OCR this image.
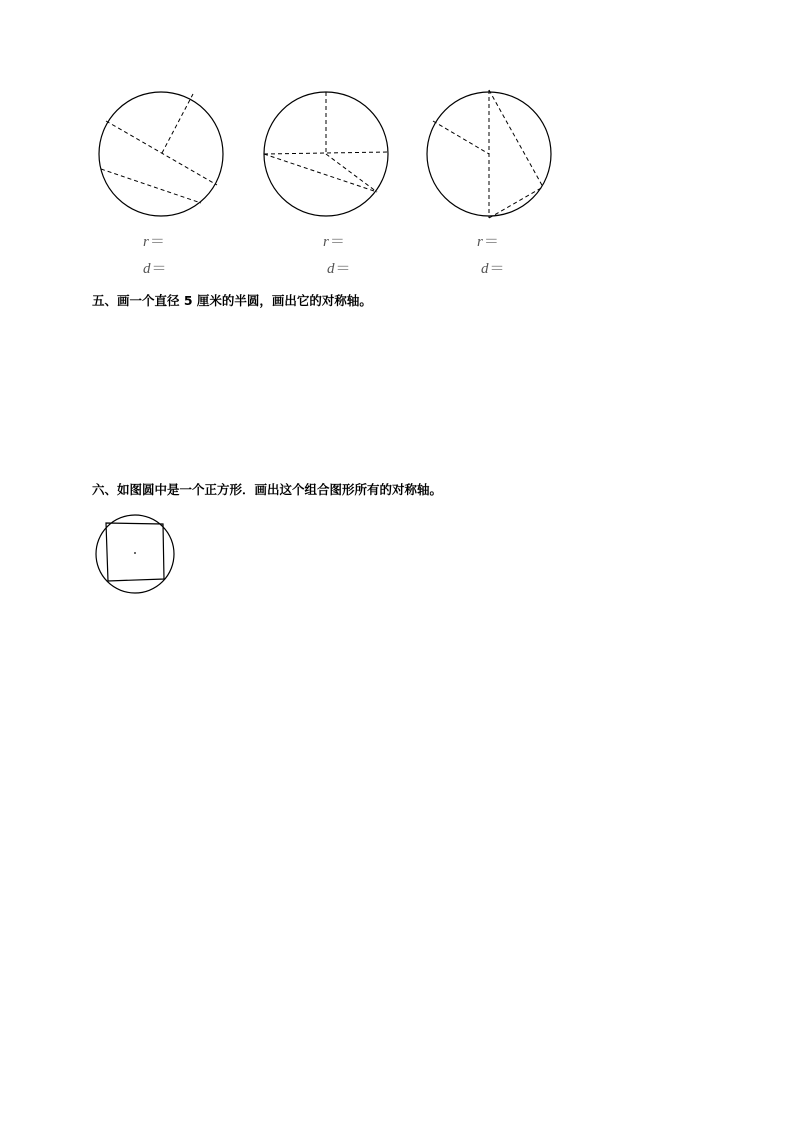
r＝
d＝
r＝
d＝
r＝
d＝
五、画一个直径 5 厘米的半圆，画出它的对称轴。
六、如图圆中是一个正方形．画出这个组合图形所有的对称轴。
